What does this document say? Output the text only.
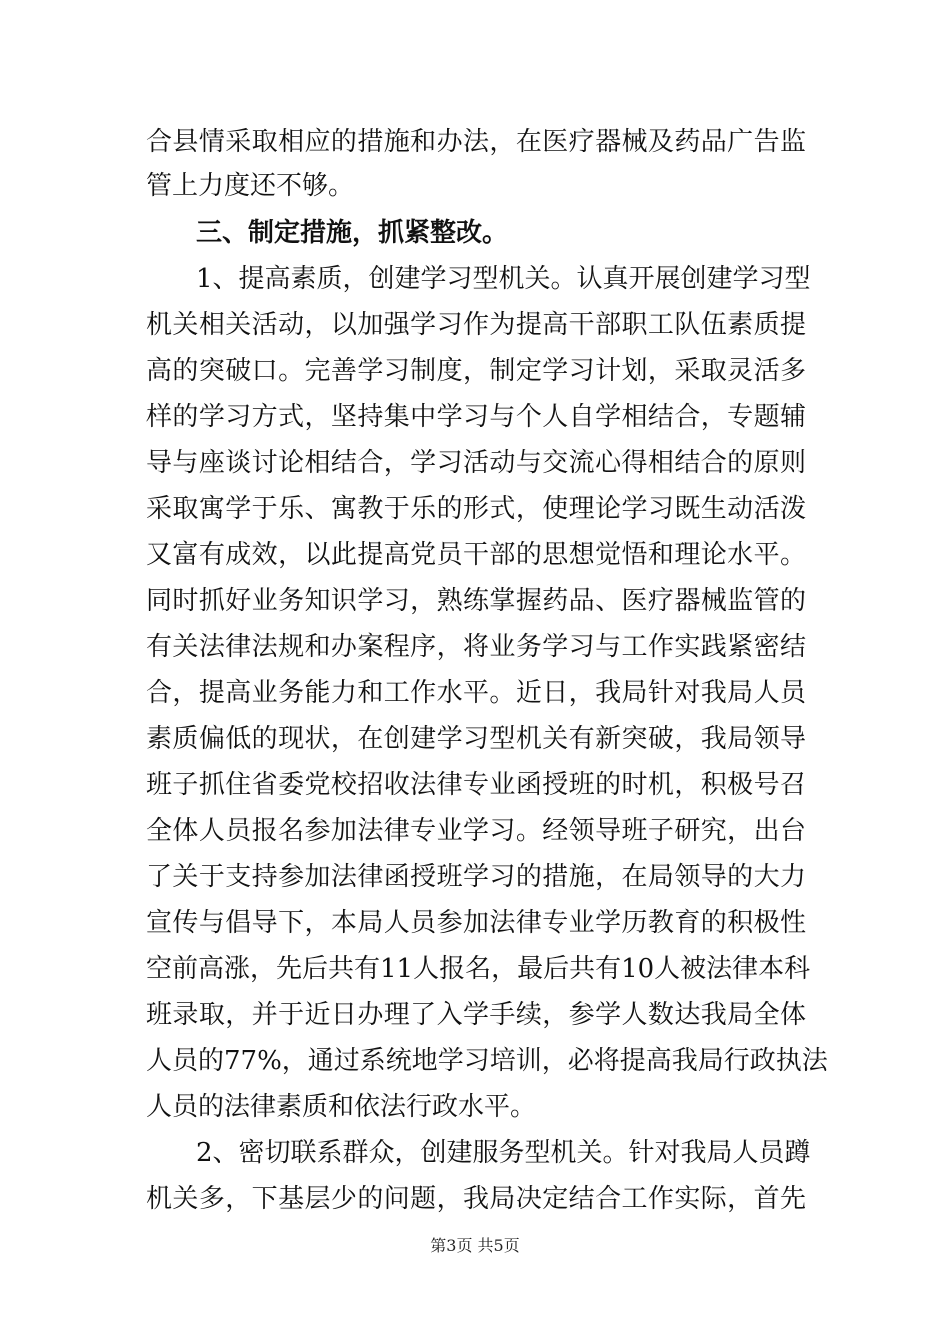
合县情采取相应的措施和办法，在医疗器械及药品广告监
管上力度还不够。
三、制定措施，抓紧整改。
1、提高素质，创建学习型机关。认真开展创建学习型
机关相关活动，以加强学习作为提高干部职工队伍素质提
高的突破口。完善学习制度，制定学习计划，采取灵活多
样的学习方式，坚持集中学习与个人自学相结合，专题辅
导与座谈讨论相结合，学习活动与交流心得相结合的原则
采取寓学于乐、寓教于乐的形式，使理论学习既生动活泼
又富有成效，以此提高党员干部的思想觉悟和理论水平。
同时抓好业务知识学习，熟练掌握药品、医疗器械监管的
有关法律法规和办案程序，将业务学习与工作实践紧密结
合，提高业务能力和工作水平。近日，我局针对我局人员
素质偏低的现状，在创建学习型机关有新突破，我局领导
班子抓住省委党校招收法律专业函授班的时机，积极号召
全体人员报名参加法律专业学习。经领导班子研究，出台
了关于支持参加法律函授班学习的措施，在局领导的大力
宣传与倡导下，本局人员参加法律专业学历教育的积极性
空前高涨，先后共有11人报名，最后共有10人被法律本科
班录取，并于近日办理了入学手续，参学人数达我局全体
人员的77%，通过系统地学习培训，必将提高我局行政执法
人员的法律素质和依法行政水平。
2、密切联系群众，创建服务型机关。针对我局人员蹲
机关多，下基层少的问题，我局决定结合工作实际，首先
第3页 共5页
